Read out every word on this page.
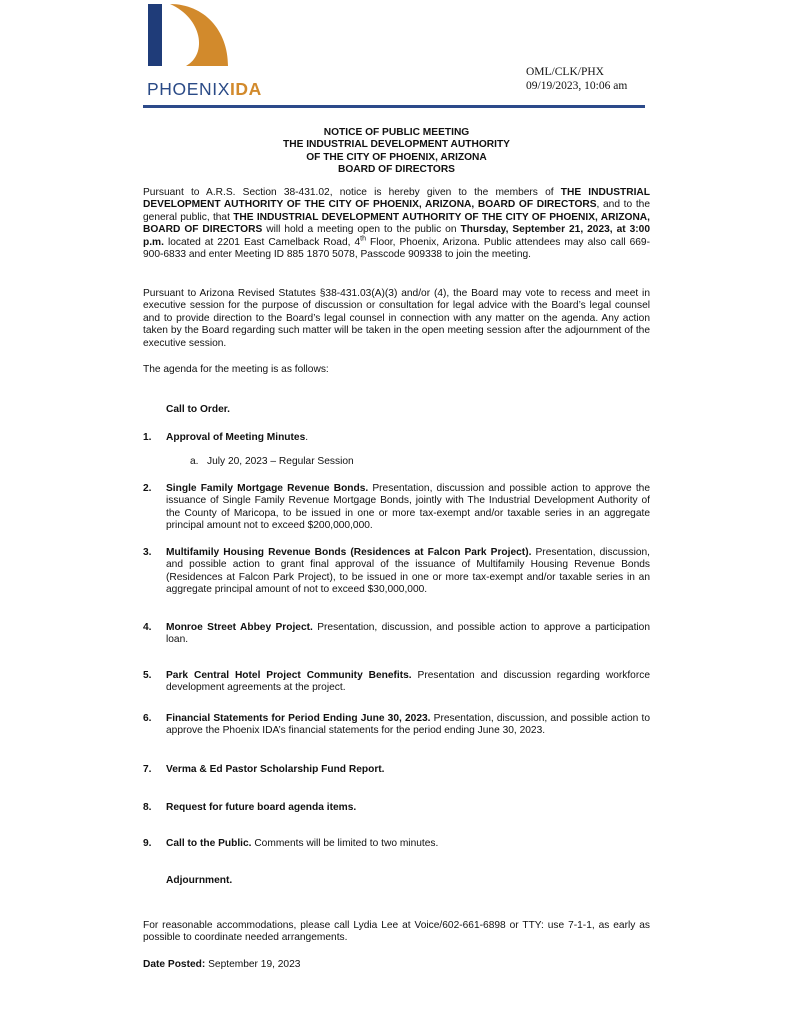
PHOENIXIDA
OML/CLK/PHX
09/19/2023, 10:06 am
NOTICE OF PUBLIC MEETING
THE INDUSTRIAL DEVELOPMENT AUTHORITY
OF THE CITY OF PHOENIX, ARIZONA
BOARD OF DIRECTORS
Pursuant to A.R.S. Section 38-431.02, notice is hereby given to the members of THE INDUSTRIAL DEVELOPMENT AUTHORITY OF THE CITY OF PHOENIX, ARIZONA, BOARD OF DIRECTORS, and to the general public, that THE INDUSTRIAL DEVELOPMENT AUTHORITY OF THE CITY OF PHOENIX, ARIZONA, BOARD OF DIRECTORS will hold a meeting open to the public on Thursday, September 21, 2023, at 3:00 p.m. located at 2201 East Camelback Road, 4th Floor, Phoenix, Arizona. Public attendees may also call 669-900-6833 and enter Meeting ID 885 1870 5078, Passcode 909338 to join the meeting.
Pursuant to Arizona Revised Statutes §38-431.03(A)(3) and/or (4), the Board may vote to recess and meet in executive session for the purpose of discussion or consultation for legal advice with the Board’s legal counsel and to provide direction to the Board’s legal counsel in connection with any matter on the agenda. Any action taken by the Board regarding such matter will be taken in the open meeting session after the adjournment of the executive session.
The agenda for the meeting is as follows:
Call to Order.
1. Approval of Meeting Minutes.
a. July 20, 2023 – Regular Session
2. Single Family Mortgage Revenue Bonds. Presentation, discussion and possible action to approve the issuance of Single Family Revenue Mortgage Bonds, jointly with The Industrial Development Authority of the County of Maricopa, to be issued in one or more tax-exempt and/or taxable series in an aggregate principal amount not to exceed $200,000,000.
3. Multifamily Housing Revenue Bonds (Residences at Falcon Park Project). Presentation, discussion, and possible action to grant final approval of the issuance of Multifamily Housing Revenue Bonds (Residences at Falcon Park Project), to be issued in one or more tax-exempt and/or taxable series in an aggregate principal amount of not to exceed $30,000,000.
4. Monroe Street Abbey Project. Presentation, discussion, and possible action to approve a participation loan.
5. Park Central Hotel Project Community Benefits. Presentation and discussion regarding workforce development agreements at the project.
6. Financial Statements for Period Ending June 30, 2023. Presentation, discussion, and possible action to approve the Phoenix IDA’s financial statements for the period ending June 30, 2023.
7. Verma & Ed Pastor Scholarship Fund Report.
8. Request for future board agenda items.
9. Call to the Public. Comments will be limited to two minutes.
Adjournment.
For reasonable accommodations, please call Lydia Lee at Voice/602-661-6898 or TTY: use 7-1-1, as early as possible to coordinate needed arrangements.
Date Posted: September 19, 2023
